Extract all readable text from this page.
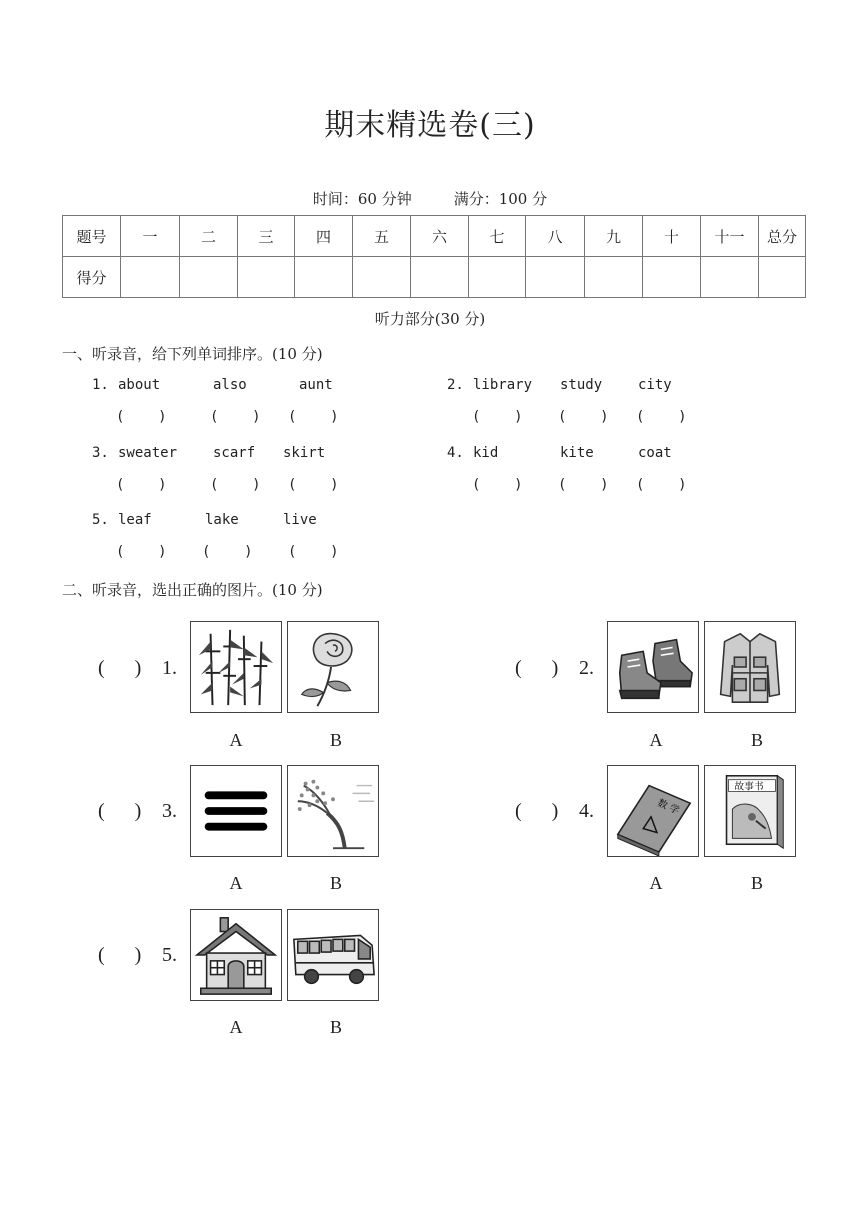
期末精选卷(三)
时间：60 分钟	满分：100 分
题号	一	二	三	四	五	六	七	八	九	十	十一	总分
得分												
听力部分(30 分)
一、听录音，给下列单词排序。(10 分)
1. about	also	aunt
(    )	(    ) (    )
2. library study	city
(    )	(    ) (    )
3. sweater	scarf skirt
(    )	(    ) (    )
4. kid	kite	coat
(    )	(    ) (    )
5. leaf	lake	live
(    )	(    )	(    )
二、听录音，选出正确的图片。(10 分)
(      ) 1.
A	B
(      ) 2.
A	B
(      ) 3.
A	B
(      ) 4.	数 学
故事书
A	B
(      ) 5.
A	B
